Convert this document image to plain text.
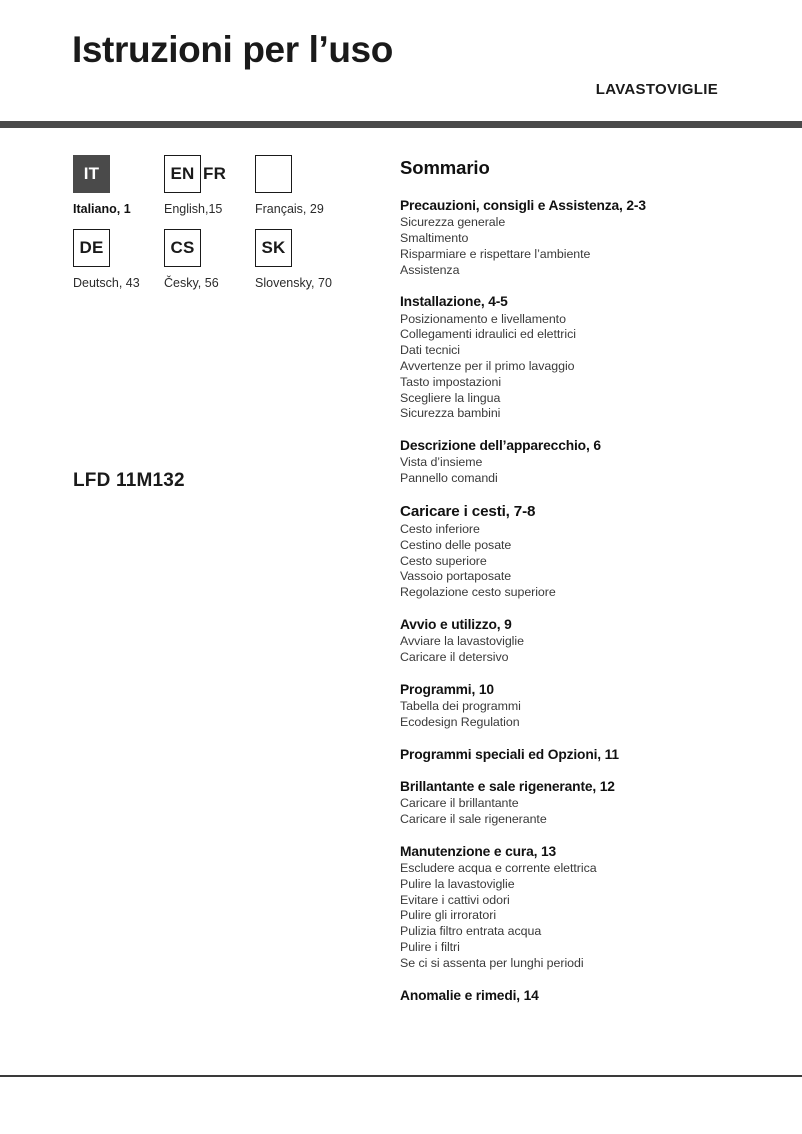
Istruzioni per l’uso
LAVASTOVIGLIE
IT
Italiano, 1
EN FR
English,15	Français, 29
DE
Deutsch, 43
CS
Česky, 56
SK
Slovensky, 70
LFD 11M132
Sommario
Precauzioni, consigli e Assistenza, 2-3
Sicurezza generale
Smaltimento
Risparmiare e rispettare l’ambiente
Assistenza
Installazione, 4-5
Posizionamento e livellamento
Collegamenti idraulici ed elettrici
Dati tecnici
Avvertenze per il primo lavaggio
Tasto impostazioni
Scegliere la lingua
Sicurezza bambini
Descrizione dell’apparecchio, 6
Vista d’insieme
Pannello comandi
Caricare i cesti, 7-8
Cesto inferiore
Cestino delle posate
Cesto superiore
Vassoio portaposate
Regolazione cesto superiore
Avvio e utilizzo, 9
Avviare la lavastoviglie
Caricare il detersivo
Programmi, 10
Tabella dei programmi
Ecodesign Regulation
Programmi speciali ed Opzioni, 11
Brillantante e sale rigenerante, 12
Caricare il brillantante
Caricare il sale rigenerante
Manutenzione e cura, 13
Escludere acqua e corrente elettrica
Pulire la lavastoviglie
Evitare i cattivi odori
Pulire gli irroratori
Pulizia filtro entrata acqua
Pulire i filtri
Se ci si assenta per lunghi periodi
Anomalie e rimedi, 14
